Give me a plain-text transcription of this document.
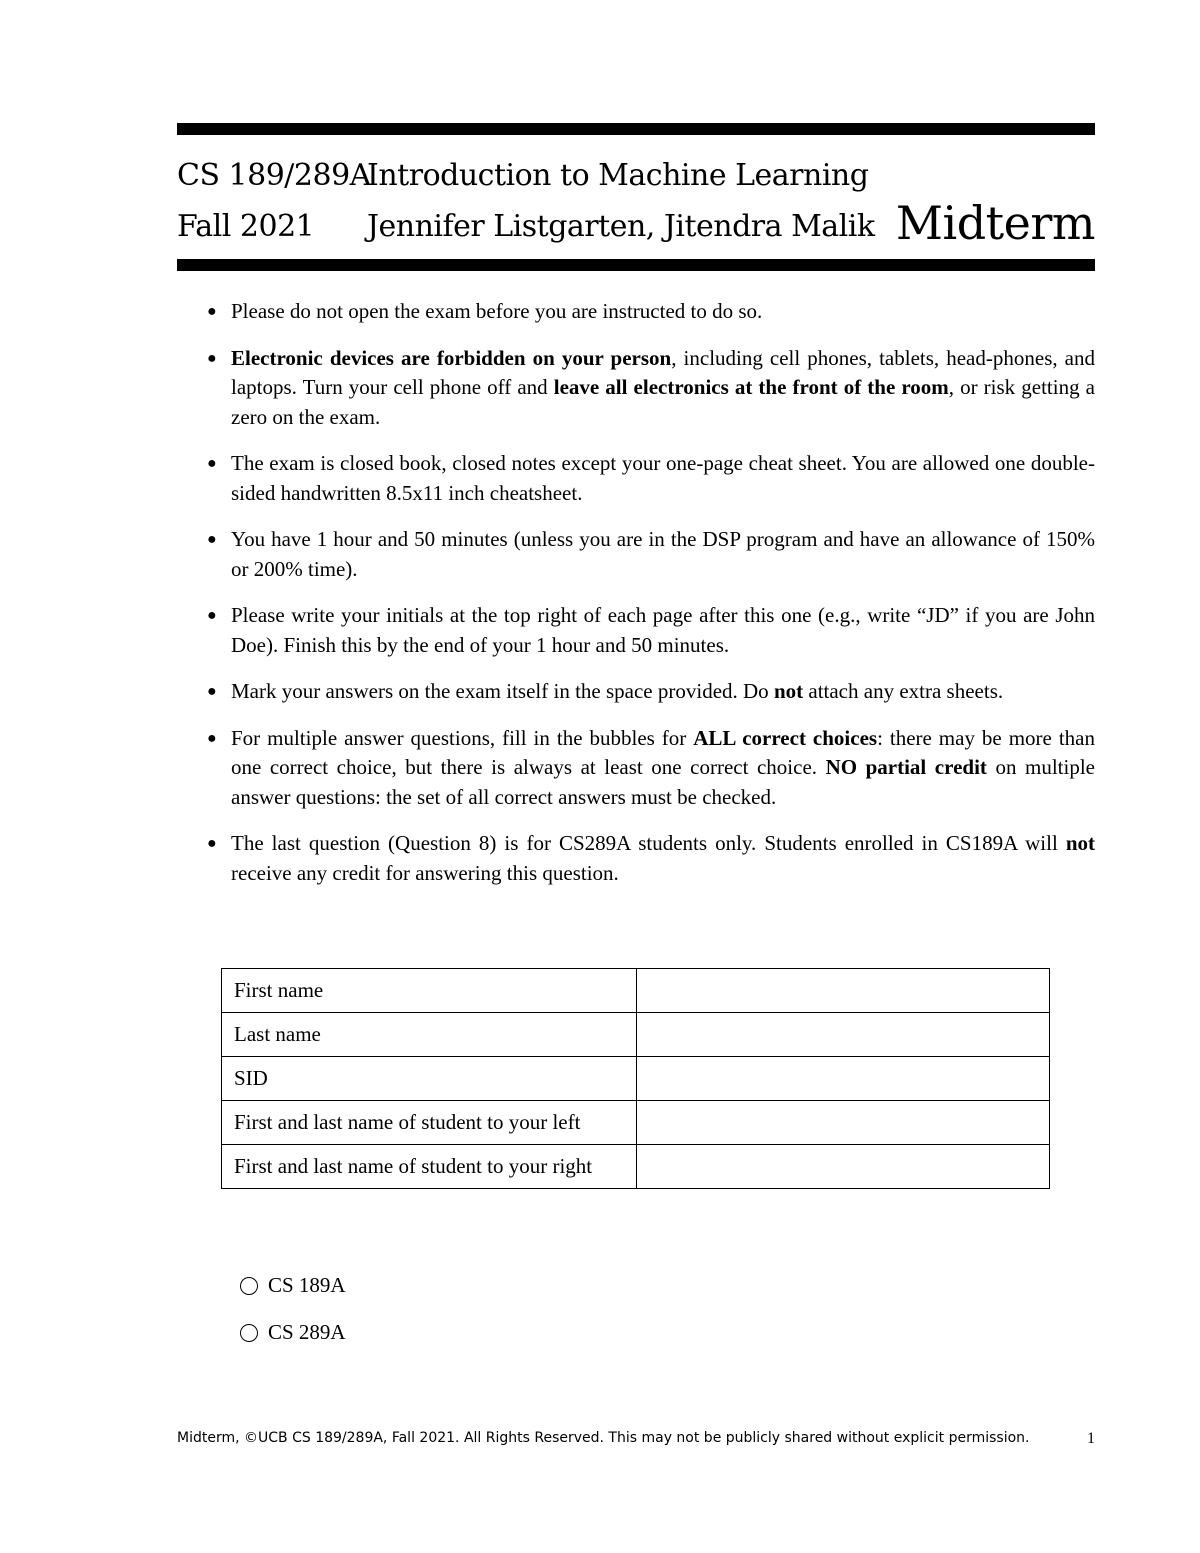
CS 189/289A
Introduction to Machine Learning
Fall 2021 Jennifer Listgarten, Jitendra Malik Midterm
● Please do not open the exam before you are instructed to do so.
● Electronic devices are forbidden on your person, including cell phones, tablets, head-phones, and laptops. Turn your cell phone off and leave all electronics at the front of the room, or risk getting a zero on the exam.
● The exam is closed book, closed notes except your one-page cheat sheet. You are allowed one double-sided handwritten 8.5x11 inch cheatsheet.
● You have 1 hour and 50 minutes (unless you are in the DSP program and have an allowance of 150% or 200% time).
● Please write your initials at the top right of each page after this one (e.g., write “JD” if you are John Doe). Finish this by the end of your 1 hour and 50 minutes.
● Mark your answers on the exam itself in the space provided. Do not attach any extra sheets.
● For multiple answer questions, fill in the bubbles for ALL correct choices: there may be more than one correct choice, but there is always at least one correct choice. NO partial credit on multiple answer questions: the set of all correct answers must be checked.
● The last question (Question 8) is for CS289A students only. Students enrolled in CS189A will not receive any credit for answering this question.
First name	
Last name	
SID	
First and last name of student to your left	
First and last name of student to your right	
CS 189A
CS 289A
Midterm, ©UCB CS 189/289A, Fall 2021. All Rights Reserved. This may not be publicly shared without explicit permission.	1
